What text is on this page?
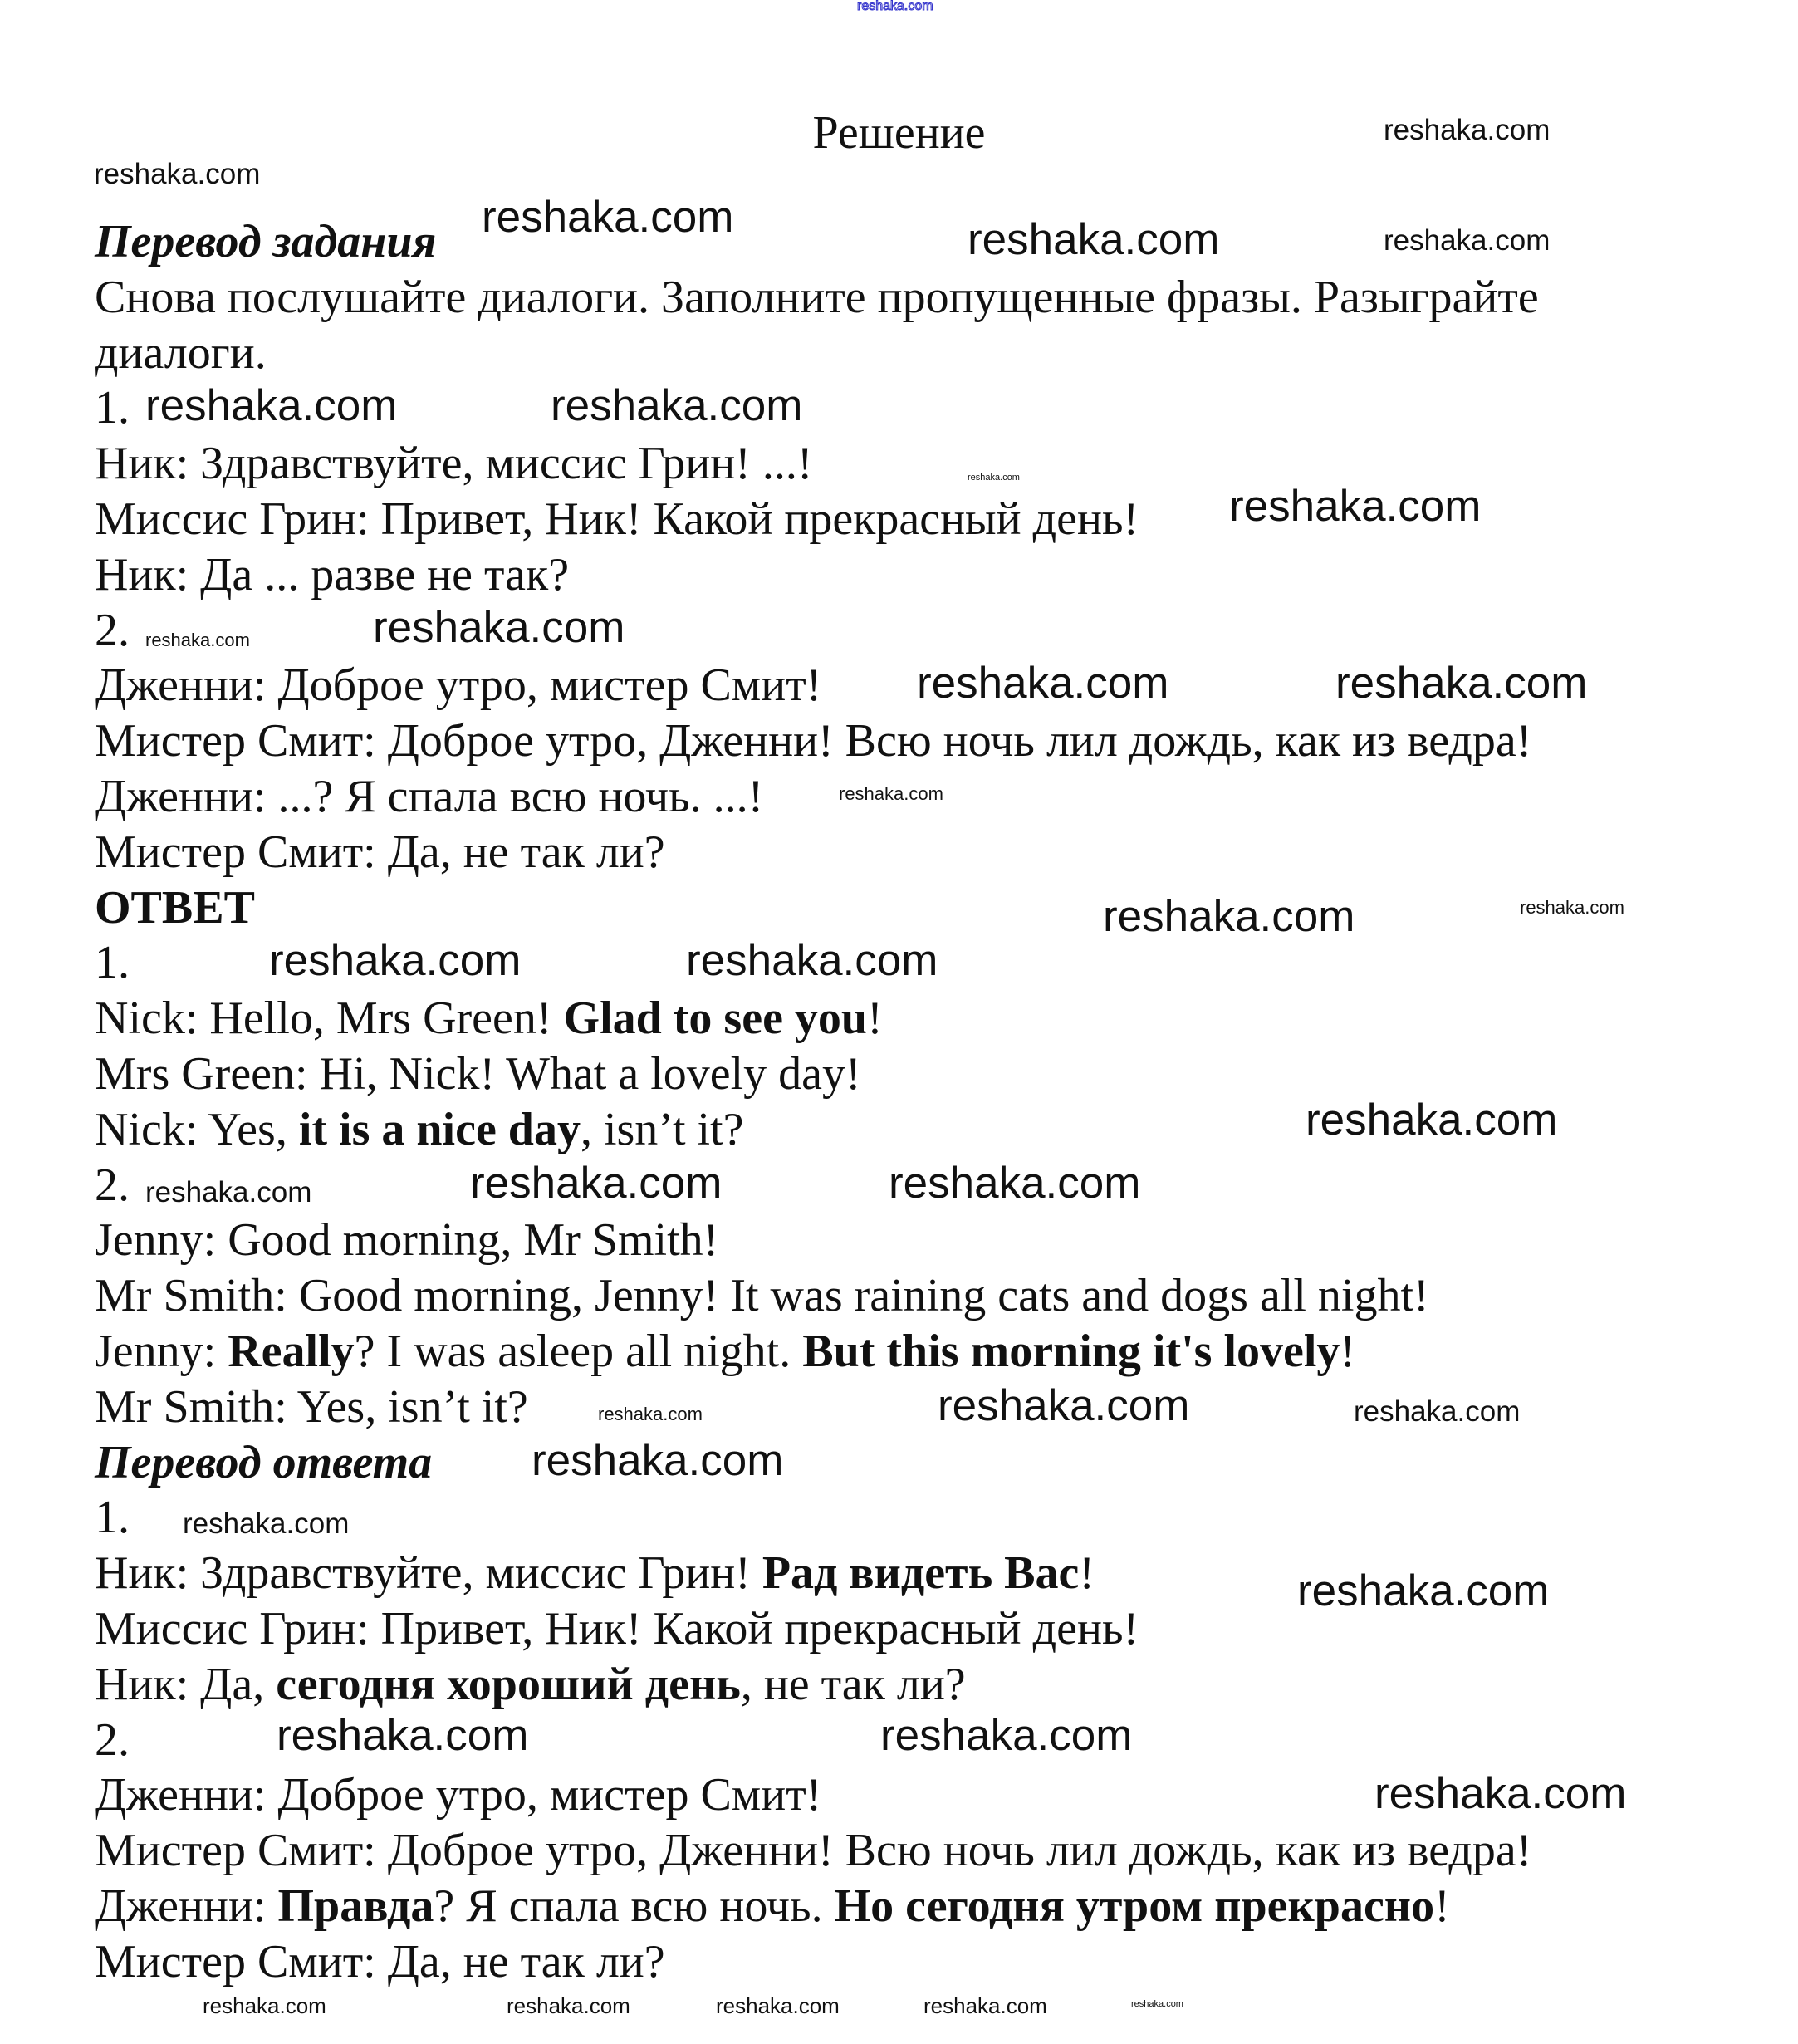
Решение
Перевод задания
Снова послушайте диалоги. Заполните пропущенные фразы. Разыграйте
диалоги.
1.
Ник: Здравствуйте, миссис Грин! ...!
Миссис Грин: Привет, Ник! Какой прекрасный день!
Ник: Да ... разве не так?
2.
Дженни: Доброе утро, мистер Смит!
Мистер Смит: Доброе утро, Дженни! Всю ночь лил дождь, как из ведра!
Дженни: ...? Я спала всю ночь. ...!
Мистер Смит: Да, не так ли?
ОТВЕТ
1.
Nick: Hello, Mrs Green! Glad to see you!
Mrs Green: Hi, Nick! What a lovely day!
Nick: Yes, it is a nice day, isn’t it?
2.
Jenny: Good morning, Mr Smith!
Mr Smith: Good morning, Jenny! It was raining cats and dogs all night!
Jenny: Really? I was asleep all night. But this morning it's lovely!
Mr Smith: Yes, isn’t it?
Перевод ответа
1.
Ник: Здравствуйте, миссис Грин! Рад видеть Вас!
Миссис Грин: Привет, Ник! Какой прекрасный день!
Ник: Да, сегодня хороший день, не так ли?
2.
Дженни: Доброе утро, мистер Смит!
Мистер Смит: Доброе утро, Дженни! Всю ночь лил дождь, как из ведра!
Дженни: Правда? Я спала всю ночь. Но сегодня утром прекрасно!
Мистер Смит: Да, не так ли?
reshaka.com
reshaka.com
reshaka.com
reshaka.com	reshaka.com	reshaka.com
reshaka.com	reshaka.com
reshaka.com
reshaka.com
reshaka.com	reshaka.com
reshaka.com	reshaka.com
reshaka.com
reshaka.com	reshaka.com
reshaka.com	reshaka.com
reshaka.com
reshaka.com
reshaka.com	reshaka.com
reshaka.com	reshaka.com	reshaka.com
reshaka.com
reshaka.com
reshaka.com
reshaka.com	reshaka.com
reshaka.com
reshaka.com	reshaka.com	reshaka.com	reshaka.com	reshaka.com
